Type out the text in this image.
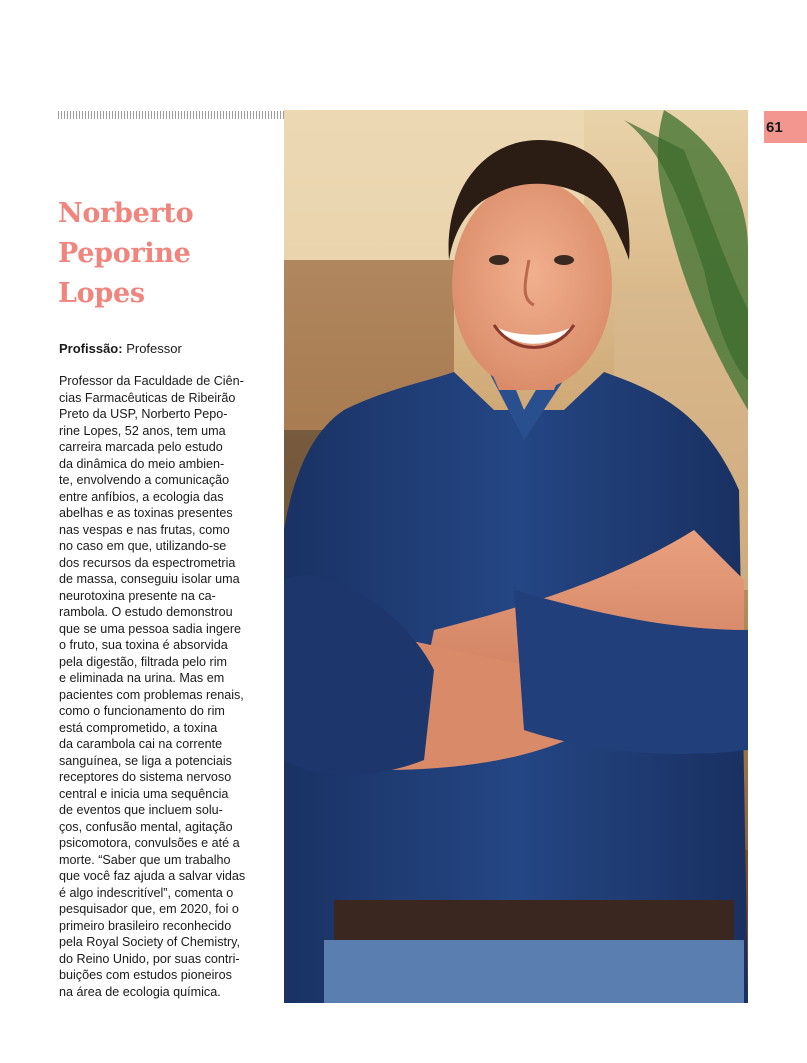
61
Norberto
Peporine
Lopes

Profissão: Professor

Professor da Faculdade de Ciên-
cias Farmacêuticas de Ribeirão
Preto da USP, Norberto Pepo-
rine Lopes, 52 anos, tem uma
carreira marcada pelo estudo
da dinâmica do meio ambien-
te, envolvendo a comunicação
entre anfíbios, a ecologia das
abelhas e as toxinas presentes
nas vespas e nas frutas, como
no caso em que, utilizando-se
dos recursos da espectrometria
de massa, conseguiu isolar uma
neurotoxina presente na ca-
rambola. O estudo demonstrou
que se uma pessoa sadia ingere
o fruto, sua toxina é absorvida
pela digestão, filtrada pelo rim
e eliminada na urina. Mas em
pacientes com problemas renais,
como o funcionamento do rim
está comprometido, a toxina
da carambola cai na corrente
sanguínea, se liga a potenciais
receptores do sistema nervoso
central e inicia uma sequência
de eventos que incluem solu-
ços, confusão mental, agitação
psicomotora, convulsões e até a
morte. “Saber que um trabalho
que você faz ajuda a salvar vidas
é algo indescritível”, comenta o
pesquisador que, em 2020, foi o
primeiro brasileiro reconhecido
pela Royal Society of Chemistry,
do Reino Unido, por suas contri-
buições com estudos pioneiros
na área de ecologia química.
